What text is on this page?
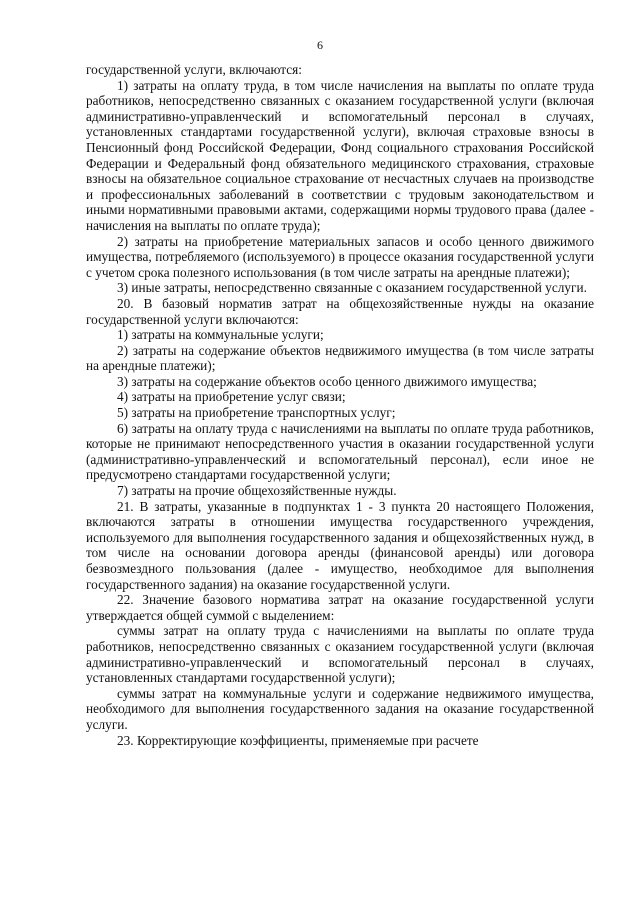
6

государственной услуги, включаются:

1) затраты на оплату труда, в том числе начисления на выплаты по оплате труда работников, непосредственно связанных с оказанием государственной услуги (включая административно-управленческий и вспомогательный персонал в случаях, установленных стандартами государственной услуги), включая страховые взносы в Пенсионный фонд Российской Федерации, Фонд социального страхования Российской Федерации и Федеральный фонд обязательного медицинского страхования, страховые взносы на обязательное социальное страхование от несчастных случаев на производстве и профессиональных заболеваний в соответствии с трудовым законодательством и иными нормативными правовыми актами, содержащими нормы трудового права (далее - начисления на выплаты по оплате труда);

2) затраты на приобретение материальных запасов и особо ценного движимого имущества, потребляемого (используемого) в процессе оказания государственной услуги с учетом срока полезного использования (в том числе затраты на арендные платежи);

3) иные затраты, непосредственно связанные с оказанием государственной услуги.

20. В базовый норматив затрат на общехозяйственные нужды на оказание государственной услуги включаются:

1) затраты на коммунальные услуги;

2) затраты на содержание объектов недвижимого имущества (в том числе затраты на арендные платежи);

3) затраты на содержание объектов особо ценного движимого имущества;

4) затраты на приобретение услуг связи;

5) затраты на приобретение транспортных услуг;

6) затраты на оплату труда с начислениями на выплаты по оплате труда работников, которые не принимают непосредственного участия в оказании государственной услуги (административно-управленческий и вспомогательный персонал), если иное не предусмотрено стандартами государственной услуги;

7) затраты на прочие общехозяйственные нужды.

21. В затраты, указанные в подпунктах 1 - 3 пункта 20 настоящего Положения, включаются затраты в отношении имущества государственного учреждения, используемого для выполнения государственного задания и общехозяйственных нужд, в том числе на основании договора аренды (финансовой аренды) или договора безвозмездного пользования (далее - имущество, необходимое для выполнения государственного задания) на оказание государственной услуги.

22. Значение базового норматива затрат на оказание государственной услуги утверждается общей суммой с выделением:

суммы затрат на оплату труда с начислениями на выплаты по оплате труда работников, непосредственно связанных с оказанием государственной услуги (включая административно-управленческий и вспомогательный персонал в случаях, установленных стандартами государственной услуги);

суммы затрат на коммунальные услуги и содержание недвижимого имущества, необходимого для выполнения государственного задания на оказание государственной услуги.

23. Корректирующие коэффициенты, применяемые при расчете
